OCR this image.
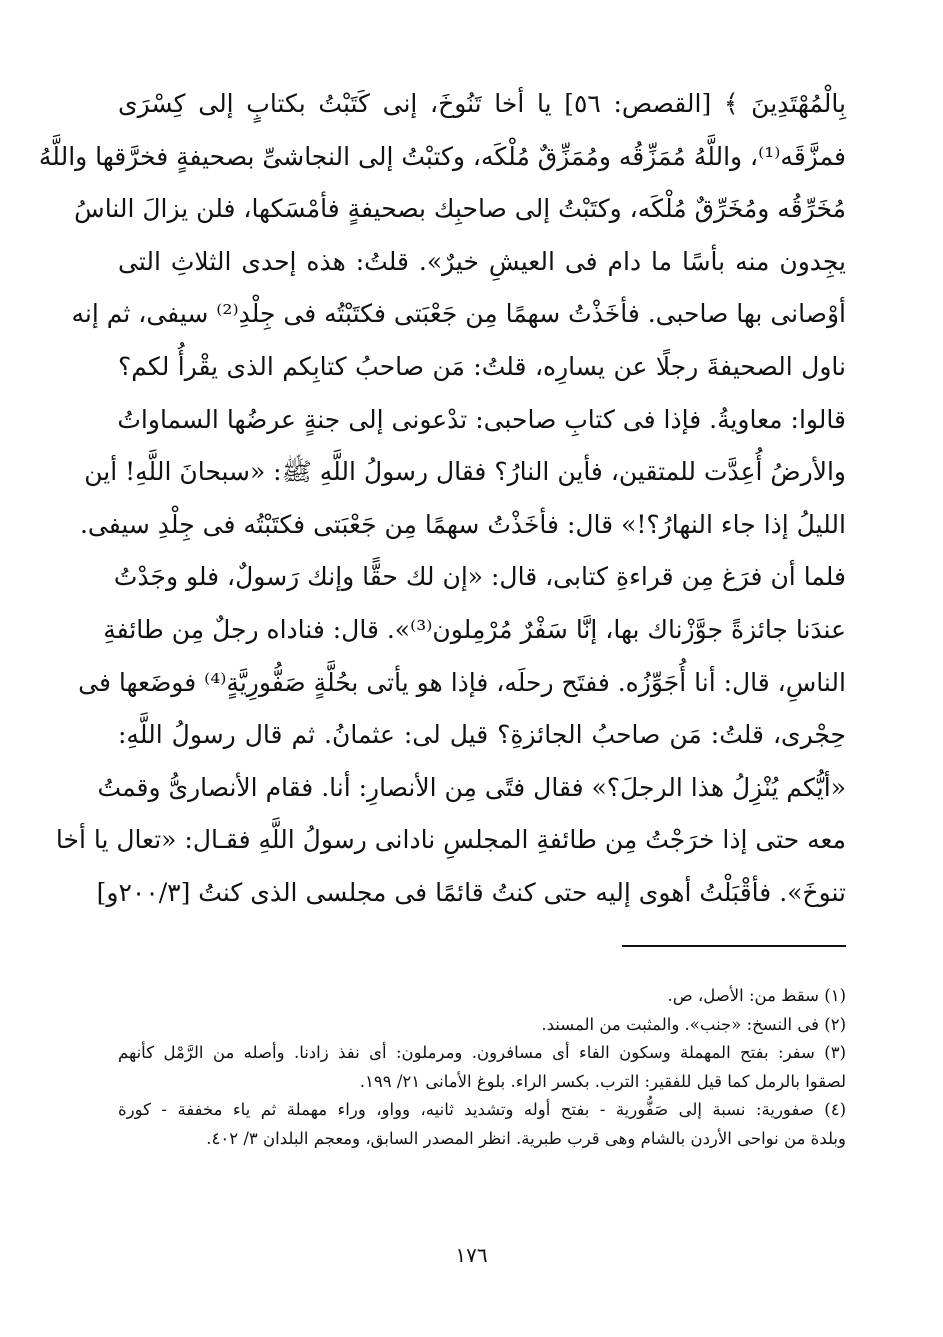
بِالْمُهْتَدِينَ ﴾ [القصص: ٥٦] يا أخا تَنُوخَ، إنى كَتَبْتُ بكتابٍ إلى كِسْرَى
فمزَّقَه⁽¹⁾، واللَّهُ مُمَزِّقُه ومُمَزِّقٌ مُلْكَه، وكتبْتُ إلى النجاشىِّ بصحيفةٍ فخرَّقها واللَّهُ
مُخَرِّقُه ومُخَرِّقٌ مُلْكَه، وكتَبْتُ إلى صاحبِك بصحيفةٍ فأمْسَكها، فلن يزالَ الناسُ
يجِدون منه بأسًا ما دام فى العيشِ خيرٌ». قلتُ: هذه إحدى الثلاثِ التى
أوْصانى بها صاحبى. فأخَذْتُ سهمًا مِن جَعْبَتى فكتَبْتُه فى جِلْدِ⁽²⁾ سيفى، ثم إنه
ناول الصحيفةَ رجلًا عن يسارِه، قلتُ: مَن صاحبُ كتابِكم الذى يقْرأُ لكم؟
قالوا: معاويةُ. فإذا فى كتابِ صاحبى: تدْعونى إلى جنةٍ عرضُها السماواتُ
والأرضُ أُعِدَّت للمتقين، فأين النارُ؟ فقال رسولُ اللَّهِ ﷺ: «سبحانَ اللَّهِ! أين
الليلُ إذا جاء النهارُ؟!» قال: فأخَذْتُ سهمًا مِن جَعْبَتى فكتَبْتُه فى جِلْدِ سيفى.
فلما أن فرَغ مِن قراءةِ كتابى، قال: «إن لك حقًّا وإنك رَسولٌ، فلو وجَدْتُ
عندَنا جائزةً جوَّزْناك بها، إنَّا سَفْرٌ مُرْمِلون⁽³⁾». قال: فناداه رجلٌ مِن طائفةِ
الناسِ، قال: أنا أُجَوِّزُه. ففتَح رحلَه، فإذا هو يأتى بحُلَّةٍ صَفُّورِيَّةٍ⁽⁴⁾ فوضَعها فى
حِجْرى، قلتُ: مَن صاحبُ الجائزةِ؟ قيل لى: عثمانُ. ثم قال رسولُ اللَّهِ:
«أيُّكم يُنْزِلُ هذا الرجلَ؟» فقال فتًى مِن الأنصارِ: أنا. فقام الأنصارىُّ وقمتُ
معه حتى إذا خرَجْتُ مِن طائفةِ المجلسِ نادانى رسولُ اللَّهِ فقـال: «تعال يا أخا
تنوخَ». فأقْبَلْتُ أهوى إليه حتى كنتُ قائمًا فى مجلسى الذى كنتُ [٢٠٠/٣و]
(١) سقط من: الأصل، ص.
(٢) فى النسخ: «جنب». والمثبت من المسند.
(٣) سفر: بفتح المهملة وسكون الفاء أى مسافرون. ومرملون: أى نفذ زادنا. وأصله من الرَّمْل كأنهم
لصقوا بالرمل كما قيل للفقير: الترب. بكسر الراء. بلوغ الأمانى ٢١/ ١٩٩.
(٤) صفورية: نسبة إلى صَفُّورية - بفتح أوله وتشديد ثانيه، وواو، وراء مهملة ثم ياء مخففة - كورة
وبلدة من نواحى الأردن بالشام وهى قرب طبرية. انظر المصدر السابق، ومعجم البلدان ٣/ ٤٠٢.
١٧٦
